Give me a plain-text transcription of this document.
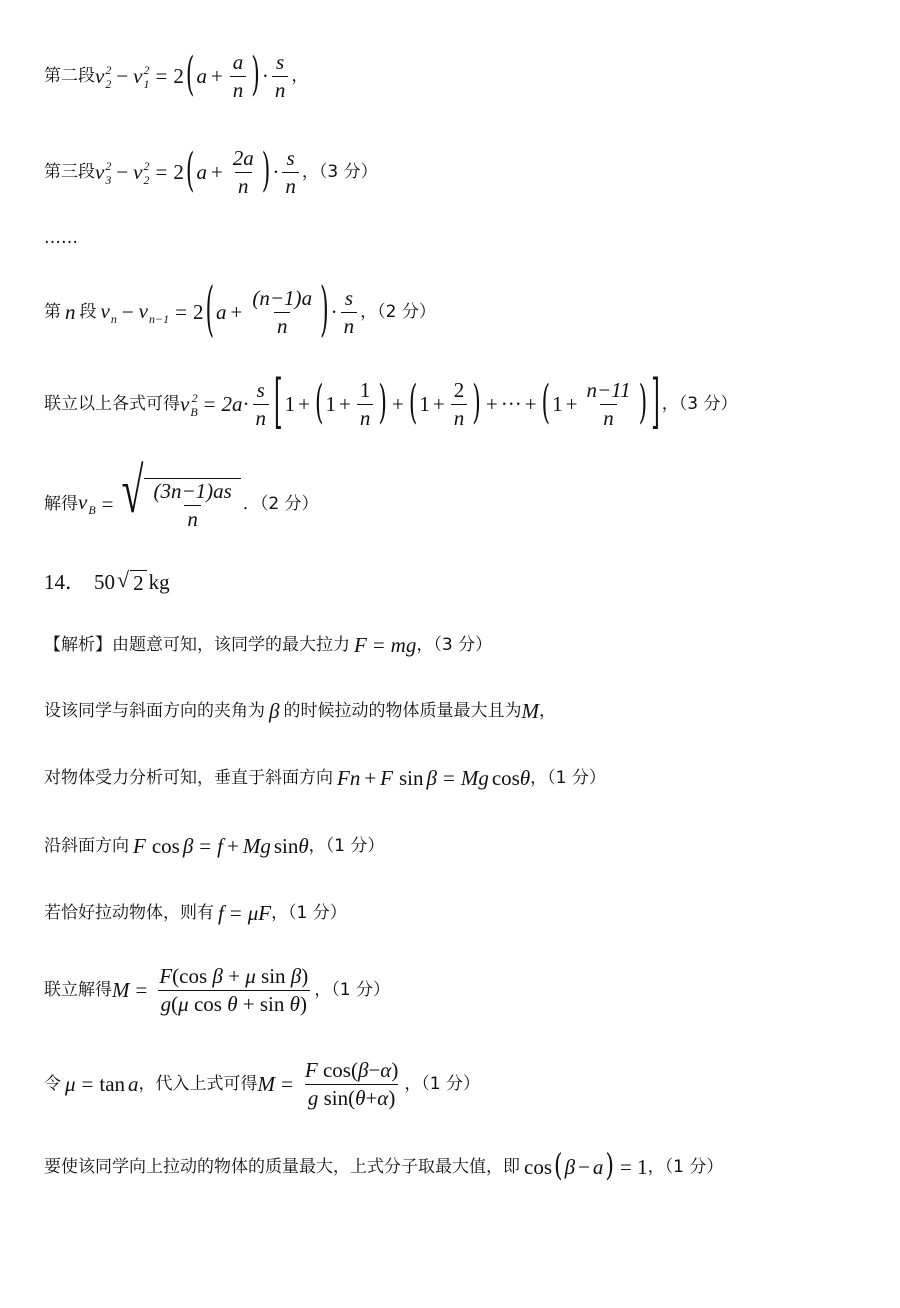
第二段 $v_2^2 - v_1^2 = 2$ ( $a + \frac{a}{n}$ ) · $\frac{s}{n}$ ，
第三段 $v_3^2 - v_2^2 = 2$ ( $a + \frac{2a}{n}$ ) · $\frac{s}{n}$ ，（3 分）
……
第 n 段 $v_n - v_{n-1} = 2$ ( $a + \frac{(n-1)a}{n}$ ) · $\frac{s}{n}$ ，（2 分）
联立以上各式可得 $v_B^2 = 2a \cdot \frac{s}{n}$ [ 1 + ( $1 + \frac{1}{n}$ ) + ( $1 + \frac{2}{n}$ ) + ··· + ( $1 + \frac{n-11}{n}$ ) ] ，（3 分）
解得 $v_B$ = √ $\frac{(3n-1)as}{n}$ ．（2 分）
14． 50 √ 2 kg
【解析】由题意可知，该同学的最大拉力 F = mg ，（3 分）
设该同学与斜面方向的夹角为 β 的时候拉动的物体质量最大且为 M ，
对物体受力分析可知，垂直于斜面方向 Fn + F sin β = Mg cos θ ，（1 分）
沿斜面方向 F cos β = f + Mg sin θ ，（1 分）
若恰好拉动物体，则有 f = μ F ，（1 分）
联立解得 $M = \frac{\text{F(cos β + μ sin β)}}{\text{g(μ cos θ + sin θ)}}$ ，（1 分）
令 μ = tan a ，代入上式可得 $M = \frac{\text{F cos(β−α)}}{\text{g sin(θ+α)}}$ ，（1 分）
要使该同学向上拉动的物体的质量最大，上式分子取最大值，即 cos ( β − a ) = 1 ，（1 分）
